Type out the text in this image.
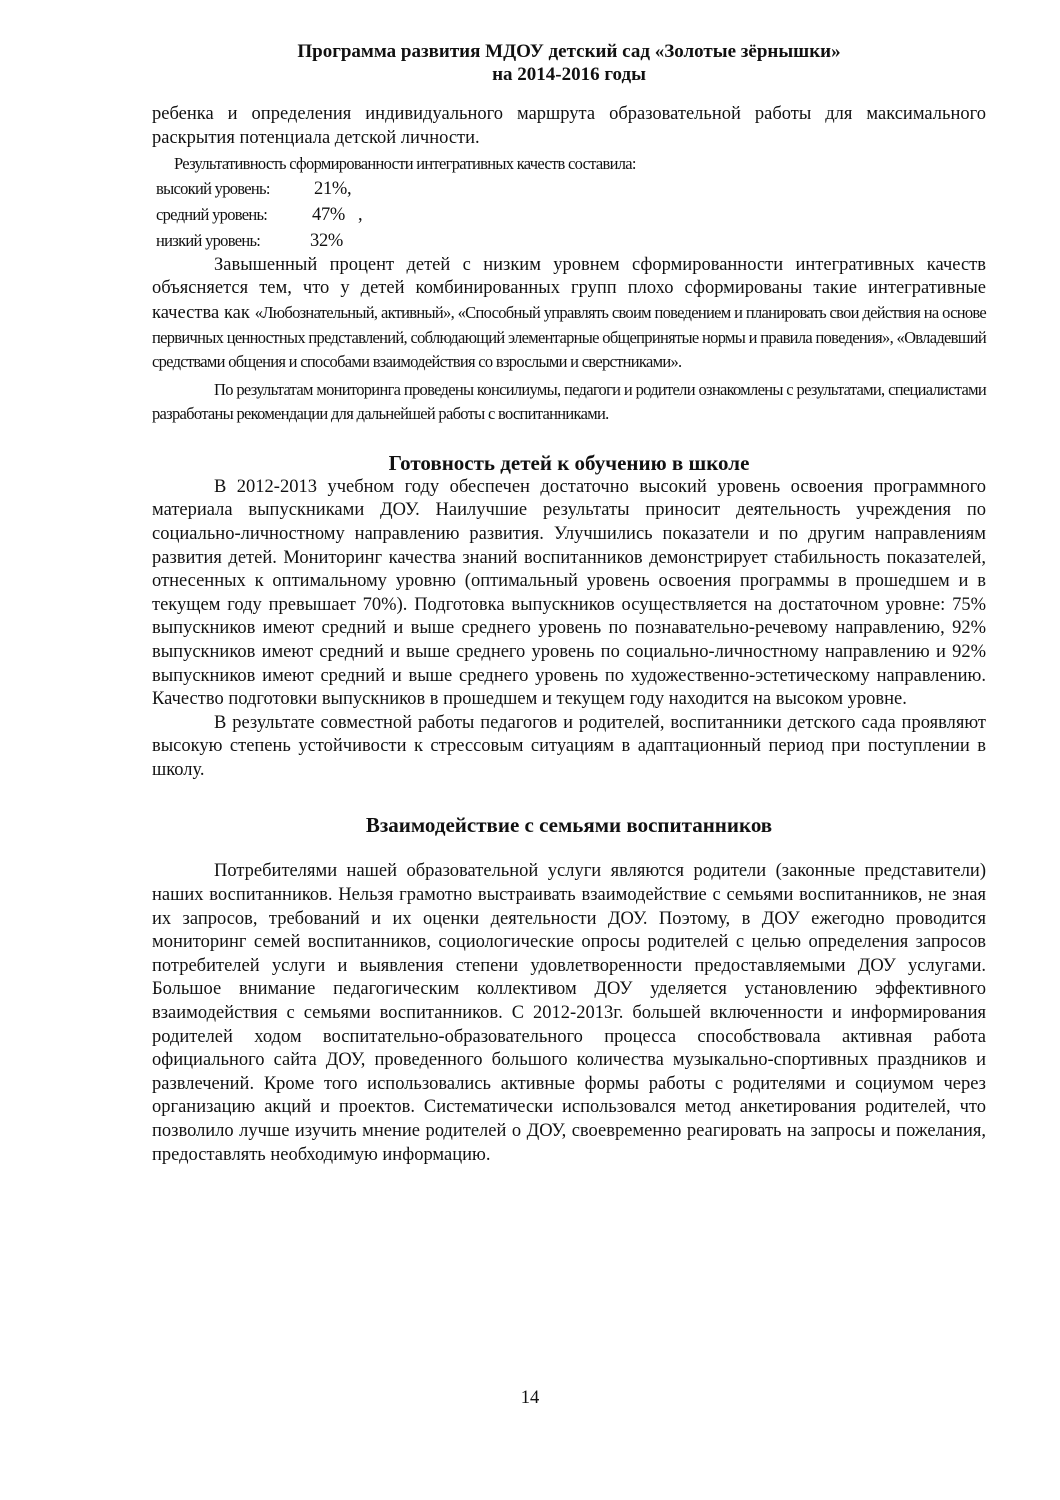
Программа развития МДОУ детский сад «Золотые зёрнышки»
на 2014-2016 годы

ребенка и определения индивидуального маршрута образовательной работы для максимального раскрытия потенциала детской личности.

Результативность сформированности интегративных качеств составила:

высокий уровень:	21%,
средний уровень:	47%   ,
низкий уровень:	32%

Завышенный процент детей с низким уровнем сформированности интегративных качеств объясняется тем, что у детей комбинированных групп плохо сформированы такие интегративные качества как «Любознательный, активный», «Способный управлять своим поведением и планировать свои действия на основе первичных ценностных представлений, соблюдающий элементарные общепринятые нормы и правила поведения», «Овладевший средствами общения и способами взаимодействия со взрослыми и сверстниками».

По результатам мониторинга проведены консилиумы, педагоги и родители ознакомлены с результатами, специалистами разработаны рекомендации для дальнейшей работы с воспитанниками.

Готовность детей к обучению в школе

В 2012-2013 учебном году обеспечен достаточно высокий уровень освоения программного материала выпускниками ДОУ. Наилучшие результаты приносит деятельность учреждения по социально-личностному направлению развития. Улучшились показатели и по другим направлениям развития детей. Мониторинг качества знаний воспитанников демонстрирует стабильность показателей, отнесенных к оптимальному уровню (оптимальный уровень освоения программы в прошедшем и в текущем году превышает 70%). Подготовка выпускников осуществляется на достаточном уровне: 75% выпускников имеют средний и выше среднего уровень по познавательно-речевому направлению, 92% выпускников имеют средний и выше среднего уровень по социально-личностному направлению и 92% выпускников имеют средний и выше среднего уровень по художественно-эстетическому направлению. Качество подготовки выпускников в прошедшем и текущем году находится на высоком уровне.

В результате совместной работы педагогов и родителей, воспитанники детского сада проявляют высокую степень устойчивости к стрессовым ситуациям в адаптационный период при поступлении в школу.

Взаимодействие с семьями воспитанников

Потребителями нашей образовательной услуги являются родители (законные представители) наших воспитанников. Нельзя грамотно выстраивать взаимодействие с семьями воспитанников, не зная их запросов, требований и их оценки деятельности ДОУ. Поэтому, в ДОУ ежегодно проводится мониторинг семей воспитанников, социологические опросы родителей с целью определения запросов потребителей услуги и выявления степени удовлетворенности предоставляемыми ДОУ услугами. Большое внимание педагогическим коллективом ДОУ уделяется установлению эффективного взаимодействия с семьями воспитанников. С 2012-2013г. большей включенности и информирования родителей ходом воспитательно-образовательного процесса способствовала активная работа официального сайта ДОУ, проведенного большого количества музыкально-спортивных праздников и развлечений. Кроме того использовались активные формы работы с родителями и социумом через организацию акций и проектов. Систематически использовался метод анкетирования родителей, что позволило лучше изучить мнение родителей о ДОУ, своевременно реагировать на запросы и пожелания, предоставлять необходимую информацию.

14
